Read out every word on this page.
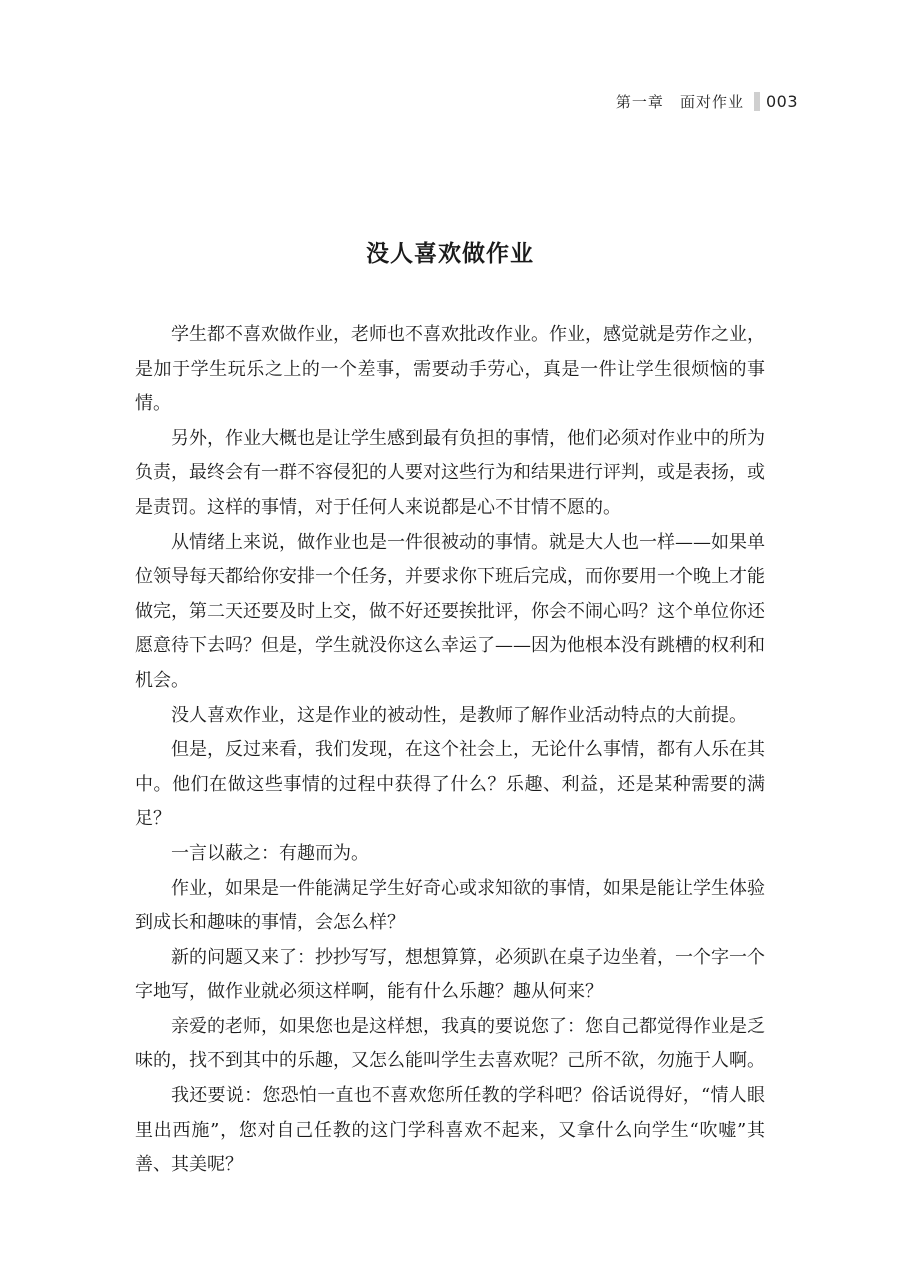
第一章 面对作业 003
没人喜欢做作业

学生都不喜欢做作业，老师也不喜欢批改作业。作业，感觉就是劳作之业，是加于学生玩乐之上的一个差事，需要动手劳心，真是一件让学生很烦恼的事情。

另外，作业大概也是让学生感到最有负担的事情，他们必须对作业中的所为负责，最终会有一群不容侵犯的人要对这些行为和结果进行评判，或是表扬，或是责罚。这样的事情，对于任何人来说都是心不甘情不愿的。

从情绪上来说，做作业也是一件很被动的事情。就是大人也一样——如果单位领导每天都给你安排一个任务，并要求你下班后完成，而你要用一个晚上才能做完，第二天还要及时上交，做不好还要挨批评，你会不闹心吗？这个单位你还愿意待下去吗？但是，学生就没你这么幸运了——因为他根本没有跳槽的权利和机会。

没人喜欢作业，这是作业的被动性，是教师了解作业活动特点的大前提。

但是，反过来看，我们发现，在这个社会上，无论什么事情，都有人乐在其中。他们在做这些事情的过程中获得了什么？乐趣、利益，还是某种需要的满足？

一言以蔽之：有趣而为。

作业，如果是一件能满足学生好奇心或求知欲的事情，如果是能让学生体验到成长和趣味的事情，会怎么样？

新的问题又来了：抄抄写写，想想算算，必须趴在桌子边坐着，一个字一个字地写，做作业就必须这样啊，能有什么乐趣？趣从何来？

亲爱的老师，如果您也是这样想，我真的要说您了：您自己都觉得作业是乏味的，找不到其中的乐趣，又怎么能叫学生去喜欢呢？己所不欲，勿施于人啊。

我还要说：您恐怕一直也不喜欢您所任教的学科吧？俗话说得好，“情人眼里出西施”，您对自己任教的这门学科喜欢不起来，又拿什么向学生“吹嘘”其善、其美呢？
